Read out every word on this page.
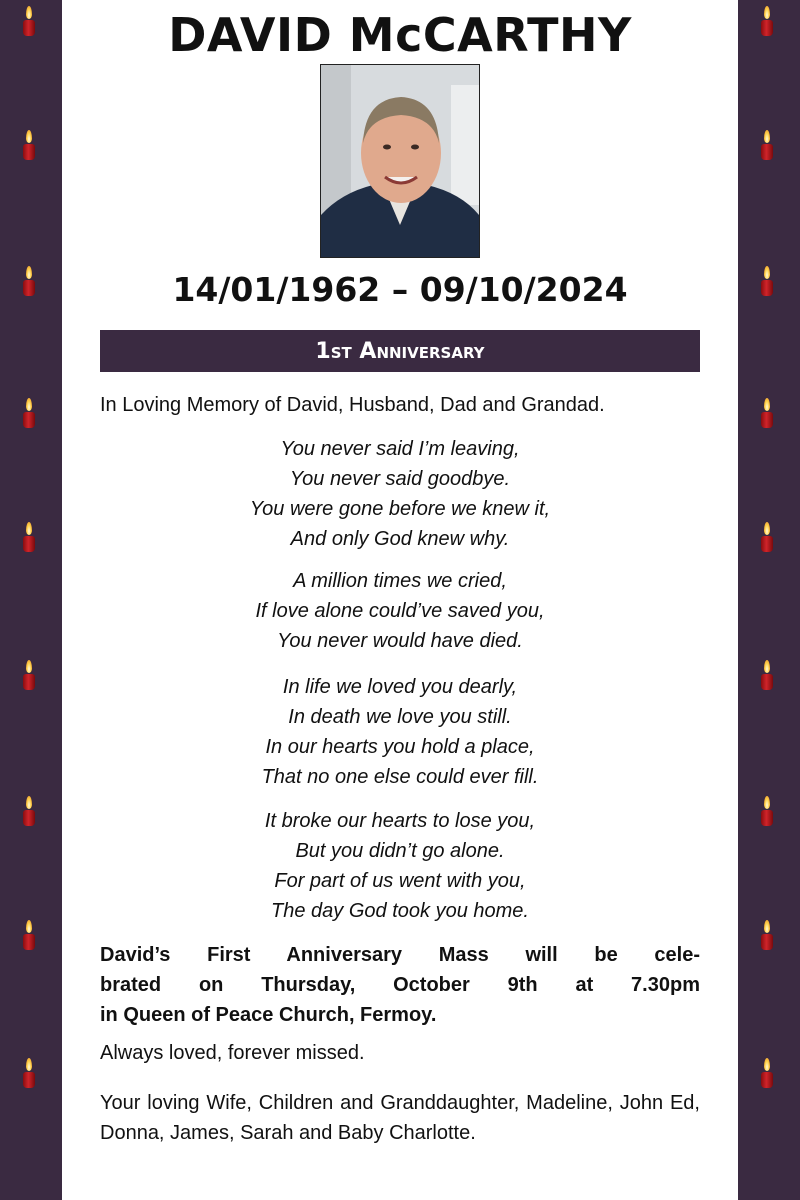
DAVID McCARTHY
14/01/1962 – 09/10/2024
1st Anniversary
In Loving Memory of David, Husband, Dad and Grandad.
You never said I’m leaving,
You never said goodbye.
You were gone before we knew it,
And only God knew why.
A million times we cried,
If love alone could’ve saved you,
You never would have died.
In life we loved you dearly,
In death we love you still.
In our hearts you hold a place,
That no one else could ever fill.
It broke our hearts to lose you,
But you didn’t go alone.
For part of us went with you,
The day God took you home.
David’s First Anniversary Mass will be cele-
brated on Thursday, October 9th at 7.30pm
in Queen of Peace Church, Fermoy.
Always loved, forever missed.
Your loving Wife, Children and Granddaughter, Madeline, John Ed, Donna, James, Sarah and Baby Charlotte.
